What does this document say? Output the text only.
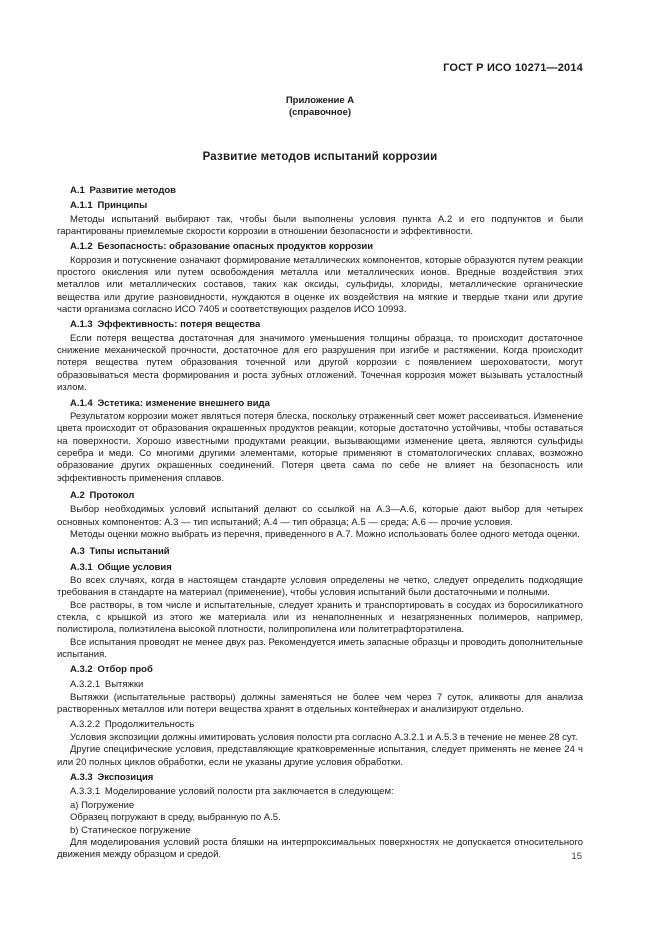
ГОСТ Р ИСО 10271—2014
Приложение А
(справочное)
Развитие методов испытаний коррозии
А.1 Развитие методов
А.1.1 Принципы
Методы испытаний выбирают так, чтобы были выполнены условия пункта А.2 и его подпунктов и были гарантированы приемлемые скорости коррозии в отношении безопасности и эффективности.
А.1.2 Безопасность: образование опасных продуктов коррозии
Коррозия и потускнение означают формирование металлических компонентов, которые образуются путем реакции простого окисления или путем освобождения металла или металлических ионов. Вредные воздействия этих металлов или металлических составов, таких как оксиды, сульфиды, хлориды, металлические органические вещества или другие разновидности, нуждаются в оценке их воздействия на мягкие и твердые ткани или другие части организма согласно ИСО 7405 и соответствующих разделов ИСО 10993.
А.1.3 Эффективность: потеря вещества
Если потеря вещества достаточная для значимого уменьшения толщины образца, то происходит достаточное снижение механической прочности, достаточное для его разрушения при изгибе и растяжении. Когда происходит потеря вещества путем образования точечной или другой коррозии с появлением шероховатости, могут образовываться места формирования и роста зубных отложений. Точечная коррозия может вызывать усталостный излом.
А.1.4 Эстетика: изменение внешнего вида
Результатом коррозии может являться потеря блеска, поскольку отраженный свет может рассеиваться. Изменение цвета происходит от образования окрашенных продуктов реакции, которые достаточно устойчивы, чтобы оставаться на поверхности. Хорошо известными продуктами реакции, вызывающими изменение цвета, являются сульфиды серебра и меди. Со многими другими элементами, которые применяют в стоматологических сплавах, возможно образование других окрашенных соединений. Потеря цвета сама по себе не влияет на безопасность или эффективность применения сплавов.
А.2 Протокол
Выбор необходимых условий испытаний делают со ссылкой на А.3—А.6, которые дают выбор для четырех основных компонентов: А.3 — тип испытаний; А.4 — тип образца; А.5 — среда; А.6 — прочие условия.
Методы оценки можно выбрать из перечня, приведенного в А.7. Можно использовать более одного метода оценки.
А.3 Типы испытаний
А.3.1 Общие условия
Во всех случаях, когда в настоящем стандарте условия определены не четко, следует определить подходящие требования в стандарте на материал (применение), чтобы условия испытаний были достаточными и полными.
Все растворы, в том числе и испытательные, следует хранить и транспортировать в сосудах из боросиликатного стекла, с крышкой из этого же материала или из ненаполненных и незагрязненных полимеров, например, полистирола, полиэтилена высокой плотности, полипропилена или политетрафторэтилена.
Все испытания проводят не менее двух раз. Рекомендуется иметь запасные образцы и проводить дополнительные испытания.
А.3.2 Отбор проб
А.3.2.1 Вытяжки
Вытяжки (испытательные растворы) должны заменяться не более чем через 7 суток, аликвоты для анализа растворенных металлов или потери вещества хранят в отдельных контейнерах и анализируют отдельно.
А.3.2.2 Продолжительность
Условия экспозиции должны имитировать условия полости рта согласно А.3.2.1 и А.5.3 в течение не менее 28 сут.
Другие специфические условия, представляющие кратковременные испытания, следует применять не менее 24 ч или 20 полных циклов обработки, если не указаны другие условия обработки.
А.3.3 Экспозиция
А.3.3.1 Моделирование условий полости рта заключается в следующем:
a) Погружение
Образец погружают в среду, выбранную по А.5.
b) Статическое погружение
Для моделирования условий роста бляшки на интерпроксимальных поверхностях не допускается относительного движения между образцом и средой.	15
